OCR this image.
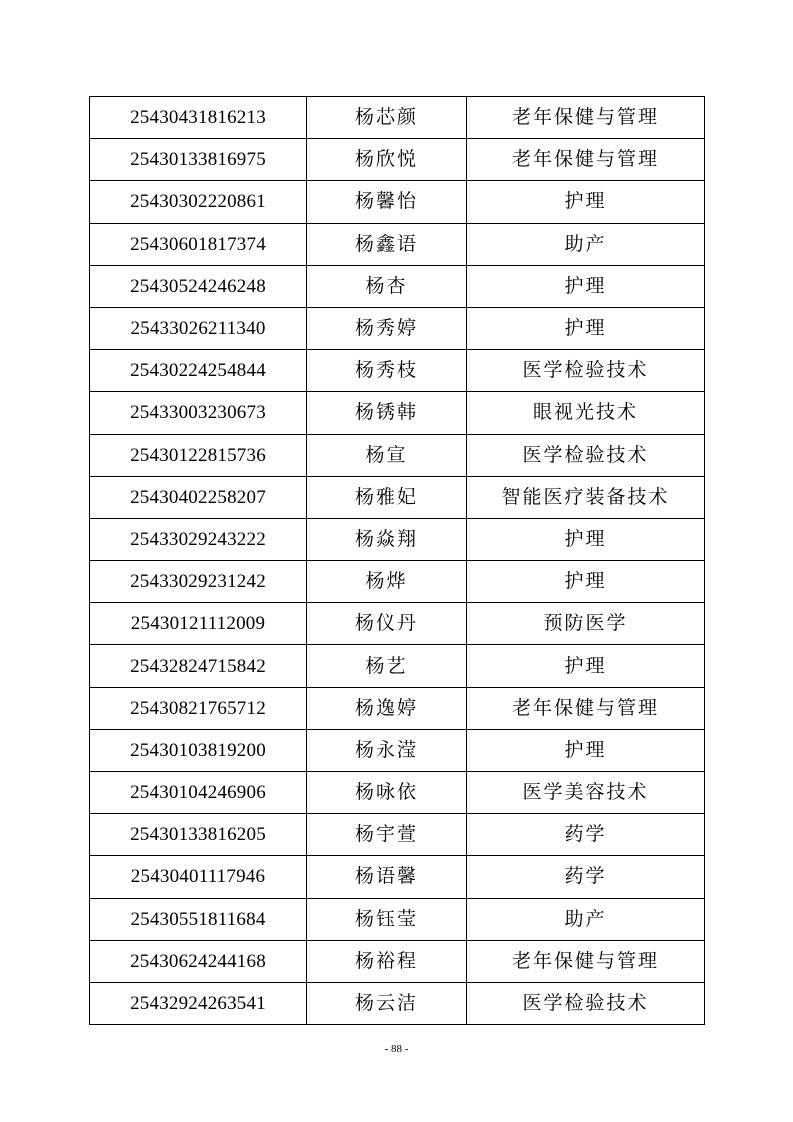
25430431816213	杨芯颜	老年保健与管理
25430133816975	杨欣悦	老年保健与管理
25430302220861	杨馨怡	护理
25430601817374	杨鑫语	助产
25430524246248	杨杏	护理
25433026211340	杨秀婷	护理
25430224254844	杨秀枝	医学检验技术
25433003230673	杨锈韩	眼视光技术
25430122815736	杨宣	医学检验技术
25430402258207	杨雅妃	智能医疗装备技术
25433029243222	杨焱翔	护理
25433029231242	杨烨	护理
25430121112009	杨仪丹	预防医学
25432824715842	杨艺	护理
25430821765712	杨逸婷	老年保健与管理
25430103819200	杨永滢	护理
25430104246906	杨咏依	医学美容技术
25430133816205	杨宇萱	药学
25430401117946	杨语馨	药学
25430551811684	杨钰莹	助产
25430624244168	杨裕程	老年保健与管理
25432924263541	杨云洁	医学检验技术
- 88 -
